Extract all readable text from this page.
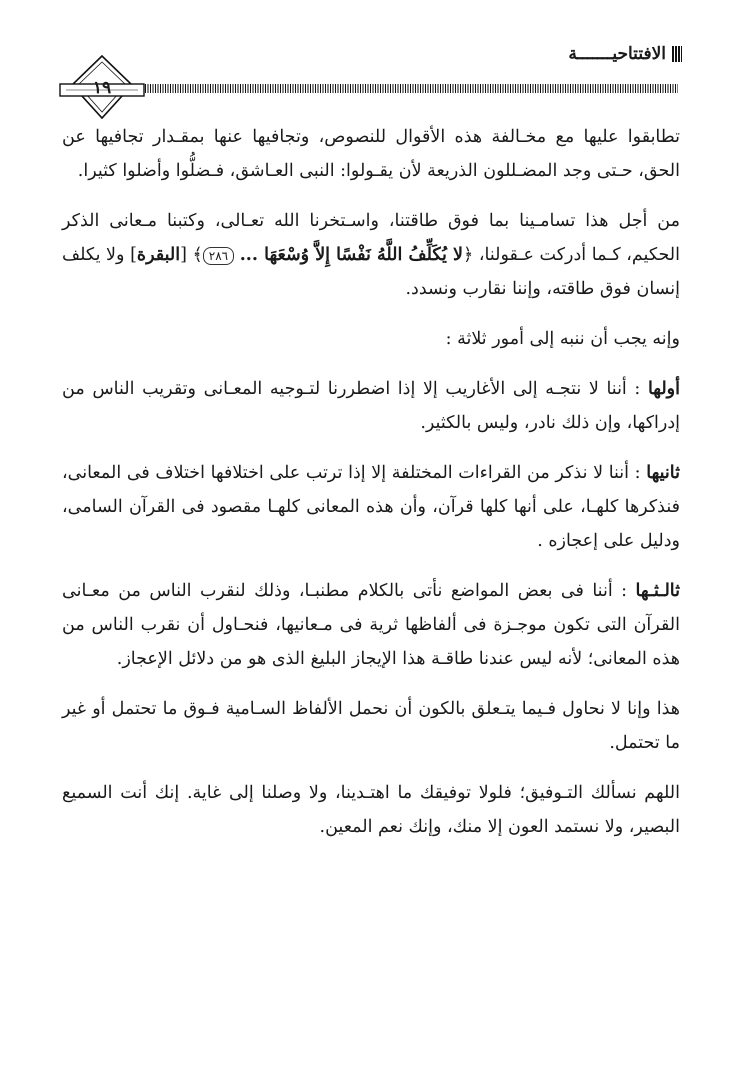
الافتتاحيـــــــة
١٩

تطابقوا عليها مع مخـالفة هذه الأقوال للنصوص، وتجافيها عنها بمقـدار تجافيها عن الحق، حـتى وجد المضـللون الذريعة لأن يقـولوا: النبى العـاشق، فـضلُّوا وأضلوا كثيرا.

من أجل هذا تسامـينا بما فوق طاقتنا، واسـتخرنا الله تعـالى، وكتبنا مـعانى الذكر الحكيم، كـما أدركت عـقولنا، ﴿لا يُكَلِّفُ اللَّهُ نَفْسًا إِلاَّ وُسْعَهَا ... ٢٨٦﴾ [البقرة] ولا يكلف إنسان فوق طاقته، وإننا نقارب ونسدد.

وإنه يجب أن ننبه إلى أمور ثلاثة :

أولها : أننا لا نتجـه إلى الأغاريب إلا إذا اضطررنا لتـوجيه المعـانى وتقريب الناس من إدراكها، وإن ذلك نادر، وليس بالكثير.

ثانيها : أننا لا نذكر من القراءات المختلفة إلا إذا ترتب على اختلافها اختلاف فى المعانى، فنذكرها كلهـا، على أنها كلها قرآن، وأن هذه المعانى كلهـا مقصود فى القرآن السامى، ودليل على إعجازه .

ثالـثـها : أننا فى بعض المواضع نأتى بالكلام مطنبـا، وذلك لنقرب الناس من معـانى القرآن التى تكون موجـزة فى ألفاظها ثرية فى مـعانيها، فنحـاول أن نقرب الناس من هذه المعانى؛ لأنه ليس عندنا طاقـة هذا الإيجاز البليغ الذى هو من دلائل الإعجاز.

هذا وإنا لا نحاول فـيما يتـعلق بالكون أن نحمل الألفاظ السـامية فـوق ما تحتمل أو غير ما تحتمل.

اللهم نسألك التـوفيق؛ فلولا توفيقك ما اهتـدينا، ولا وصلنا إلى غاية. إنك أنت السميع البصير، ولا نستمد العون إلا منك، وإنك نعم المعين.
